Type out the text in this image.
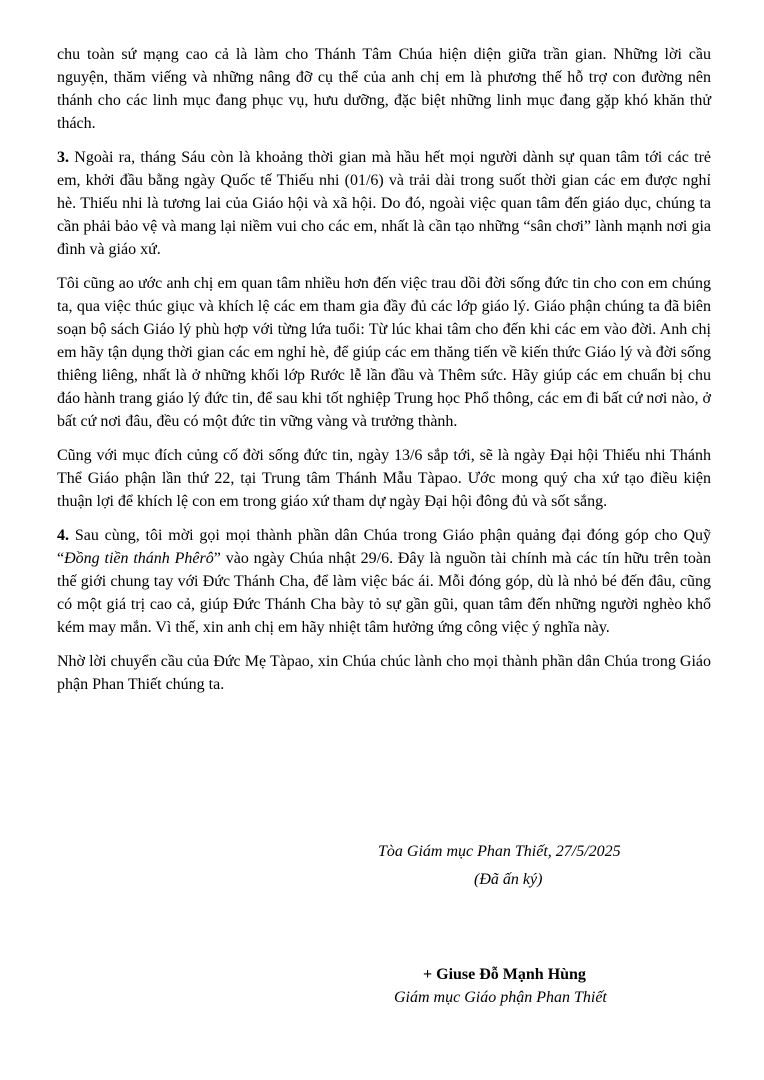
chu toàn sứ mạng cao cả là làm cho Thánh Tâm Chúa hiện diện giữa trần gian. Những lời cầu nguyện, thăm viếng và những nâng đỡ cụ thể của anh chị em là phương thế hỗ trợ con đường nên thánh cho các linh mục đang phục vụ, hưu dưỡng, đặc biệt những linh mục đang gặp khó khăn thử thách.

3. Ngoài ra, tháng Sáu còn là khoảng thời gian mà hầu hết mọi người dành sự quan tâm tới các trẻ em, khởi đầu bằng ngày Quốc tế Thiếu nhi (01/6) và trải dài trong suốt thời gian các em được nghỉ hè. Thiếu nhi là tương lai của Giáo hội và xã hội. Do đó, ngoài việc quan tâm đến giáo dục, chúng ta cần phải bảo vệ và mang lại niềm vui cho các em, nhất là cần tạo những “sân chơi” lành mạnh nơi gia đình và giáo xứ.

Tôi cũng ao ước anh chị em quan tâm nhiều hơn đến việc trau dồi đời sống đức tin cho con em chúng ta, qua việc thúc giục và khích lệ các em tham gia đầy đủ các lớp giáo lý. Giáo phận chúng ta đã biên soạn bộ sách Giáo lý phù hợp với từng lứa tuổi: Từ lúc khai tâm cho đến khi các em vào đời. Anh chị em hãy tận dụng thời gian các em nghỉ hè, để giúp các em thăng tiến về kiến thức Giáo lý và đời sống thiêng liêng, nhất là ở những khối lớp Rước lễ lần đầu và Thêm sức. Hãy giúp các em chuẩn bị chu đáo hành trang giáo lý đức tin, để sau khi tốt nghiệp Trung học Phổ thông, các em đi bất cứ nơi nào, ở bất cứ nơi đâu, đều có một đức tin vững vàng và trưởng thành.

Cũng với mục đích củng cố đời sống đức tin, ngày 13/6 sắp tới, sẽ là ngày Đại hội Thiếu nhi Thánh Thể Giáo phận lần thứ 22, tại Trung tâm Thánh Mẫu Tàpao. Ước mong quý cha xứ tạo điều kiện thuận lợi để khích lệ con em trong giáo xứ tham dự ngày Đại hội đông đủ và sốt sắng.

4. Sau cùng, tôi mời gọi mọi thành phần dân Chúa trong Giáo phận quảng đại đóng góp cho Quỹ “Đồng tiền thánh Phêrô” vào ngày Chúa nhật 29/6. Đây là nguồn tài chính mà các tín hữu trên toàn thế giới chung tay với Đức Thánh Cha, để làm việc bác ái. Mỗi đóng góp, dù là nhỏ bé đến đâu, cũng có một giá trị cao cả, giúp Đức Thánh Cha bày tỏ sự gần gũi, quan tâm đến những người nghèo khổ kém may mắn. Vì thế, xin anh chị em hãy nhiệt tâm hưởng ứng công việc ý nghĩa này.

Nhờ lời chuyển cầu của Đức Mẹ Tàpao, xin Chúa chúc lành cho mọi thành phần dân Chúa trong Giáo phận Phan Thiết chúng ta.

Tòa Giám mục Phan Thiết, 27/5/2025
(Đã ấn ký)
+ Giuse Đỗ Mạnh Hùng
Giám mục Giáo phận Phan Thiết
